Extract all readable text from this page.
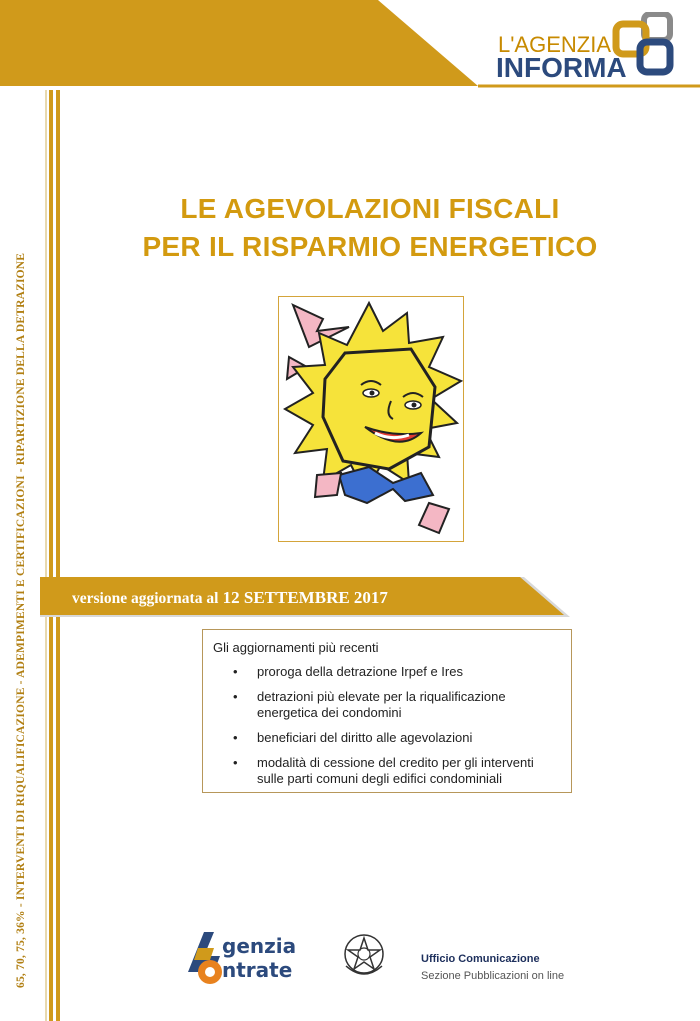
L'AGENZIA
INFORMA
65, 70, 75, 36% - INTERVENTI DI RIQUALIFICAZIONE - ADEMPIMENTI E CERTIFICAZIONI - RIPARTIZIONE DELLA DETRAZIONE
LE AGEVOLAZIONI FISCALI
PER IL RISPARMIO ENERGETICO
versione aggiornata al 12 SETTEMBRE 2017
Gli aggiornamenti più recenti
• proroga della detrazione Irpef e Ires
• detrazioni più elevate per la riqualificazione
energetica dei condomini
• beneficiari del diritto alle agevolazioni
• modalità di cessione del credito per gli interventi
sulle parti comuni degli edifici condominiali
genzia
ntrate	Ufficio Comunicazione
Sezione Pubblicazioni on line
